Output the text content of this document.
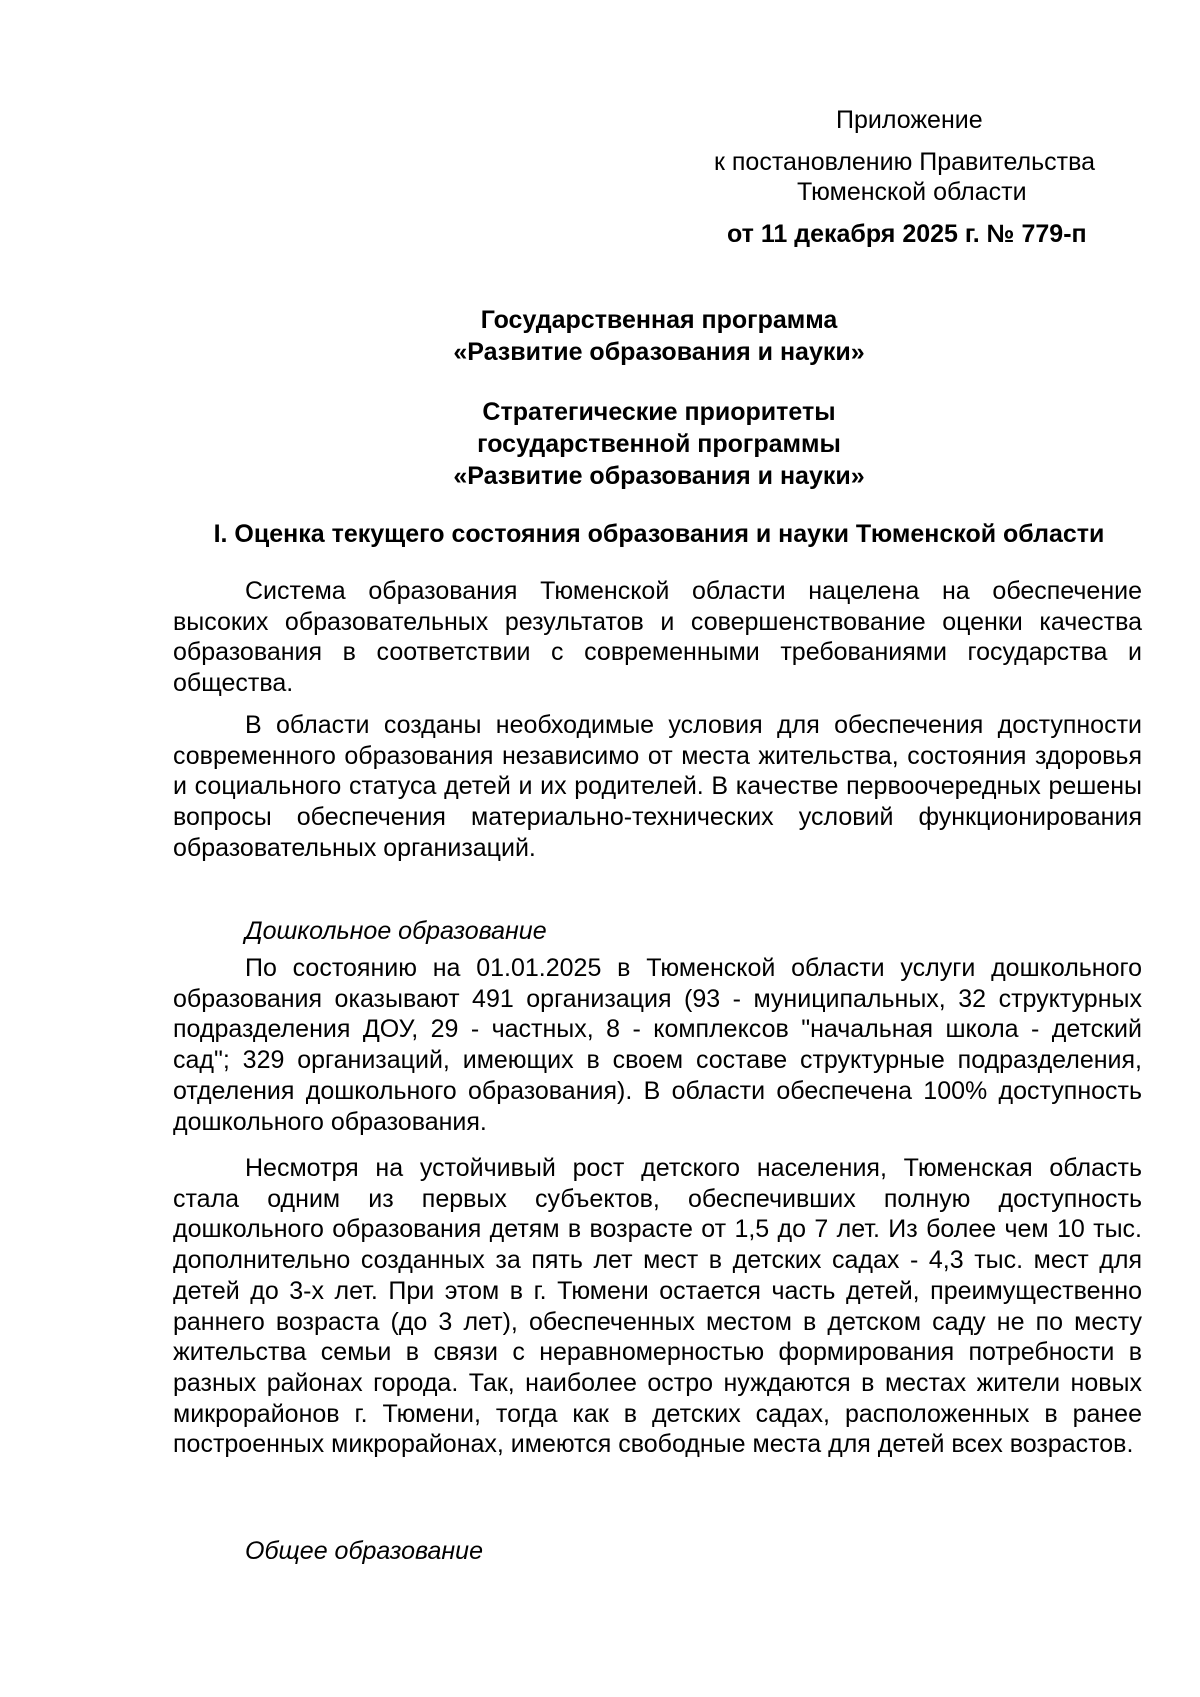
Приложение
к постановлению Правительства
Тюменской области
от 11 декабря 2025 г. № 779-п
Государственная программа
«Развитие образования и науки»
Стратегические приоритеты
государственной программы
«Развитие образования и науки»
I. Оценка текущего состояния образования и науки Тюменской области

Система образования Тюменской области нацелена на обеспечение высоких образовательных результатов и совершенствование оценки качества образования в соответствии с современными требованиями государства и общества.

В области созданы необходимые условия для обеспечения доступности современного образования независимо от места жительства, состояния здоровья и социального статуса детей и их родителей. В качестве первоочередных решены вопросы обеспечения материально-технических условий функционирования образовательных организаций.

Дошкольное образование

По состоянию на 01.01.2025 в Тюменской области услуги дошкольного образования оказывают 491 организация (93 - муниципальных, 32 структурных подразделения ДОУ, 29 - частных, 8 - комплексов "начальная школа - детский сад"; 329 организаций, имеющих в своем составе структурные подразделения, отделения дошкольного образования). В области обеспечена 100% доступность дошкольного образования.

Несмотря на устойчивый рост детского населения, Тюменская область стала одним из первых субъектов, обеспечивших полную доступность дошкольного образования детям в возрасте от 1,5 до 7 лет. Из более чем 10 тыс. дополнительно созданных за пять лет мест в детских садах - 4,3 тыс. мест для детей до 3-х лет. При этом в г. Тюмени остается часть детей, преимущественно раннего возраста (до 3 лет), обеспеченных местом в детском саду не по месту жительства семьи в связи с неравномерностью формирования потребности в разных районах города. Так, наиболее остро нуждаются в местах жители новых микрорайонов г. Тюмени, тогда как в детских садах, расположенных в ранее построенных микрорайонах, имеются свободные места для детей всех возрастов.

Общее образование
